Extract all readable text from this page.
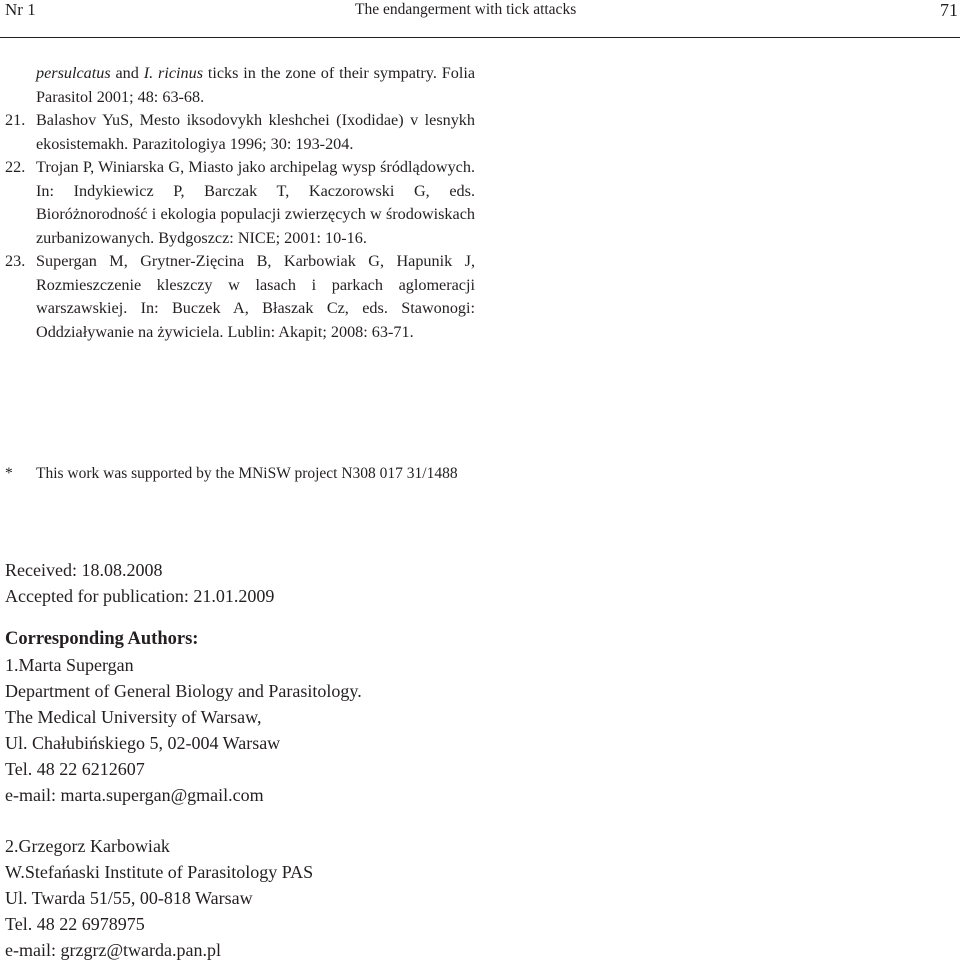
Nr 1	The endangerment with tick attacks	71
persulcatus and I. ricinus ticks in the zone of their sympatry. Folia Parasitol 2001; 48: 63-68.
21. Balashov YuS, Mesto iksodovykh kleshchei (Ixodidae) v lesnykh ekosistemakh. Parazitologiya 1996; 30: 193-204.
22. Trojan P, Winiarska G, Miasto jako archipelag wysp śródlądowych. In: Indykiewicz P, Barczak T, Kaczorowski G, eds. Bioróżnorodność i ekologia populacji zwierzęcych w środowiskach zurbanizowanych. Bydgoszcz: NICE; 2001: 10-16.
23. Supergan M, Grytner-Zięcina B, Karbowiak G, Hapunik J, Rozmieszczenie kleszczy w lasach i parkach aglomeracji warszawskiej. In: Buczek A, Błaszak Cz, eds. Stawonogi: Oddziaływanie na żywiciela. Lublin: Akapit; 2008: 63-71.
*	This work was supported by the MNiSW project N308 017 31/1488
Received: 18.08.2008
Accepted for publication: 21.01.2009
Corresponding Authors:
1.Marta Supergan
Department of General Biology and Parasitology.
The Medical University of Warsaw,
Ul. Chałubińskiego 5, 02-004 Warsaw
Tel. 48 22 6212607
e-mail: marta.supergan@gmail.com
2.Grzegorz Karbowiak
W.Stefańaski Institute of Parasitology PAS
Ul. Twarda 51/55, 00-818 Warsaw
Tel. 48 22 6978975
e-mail: grzgrz@twarda.pan.pl
